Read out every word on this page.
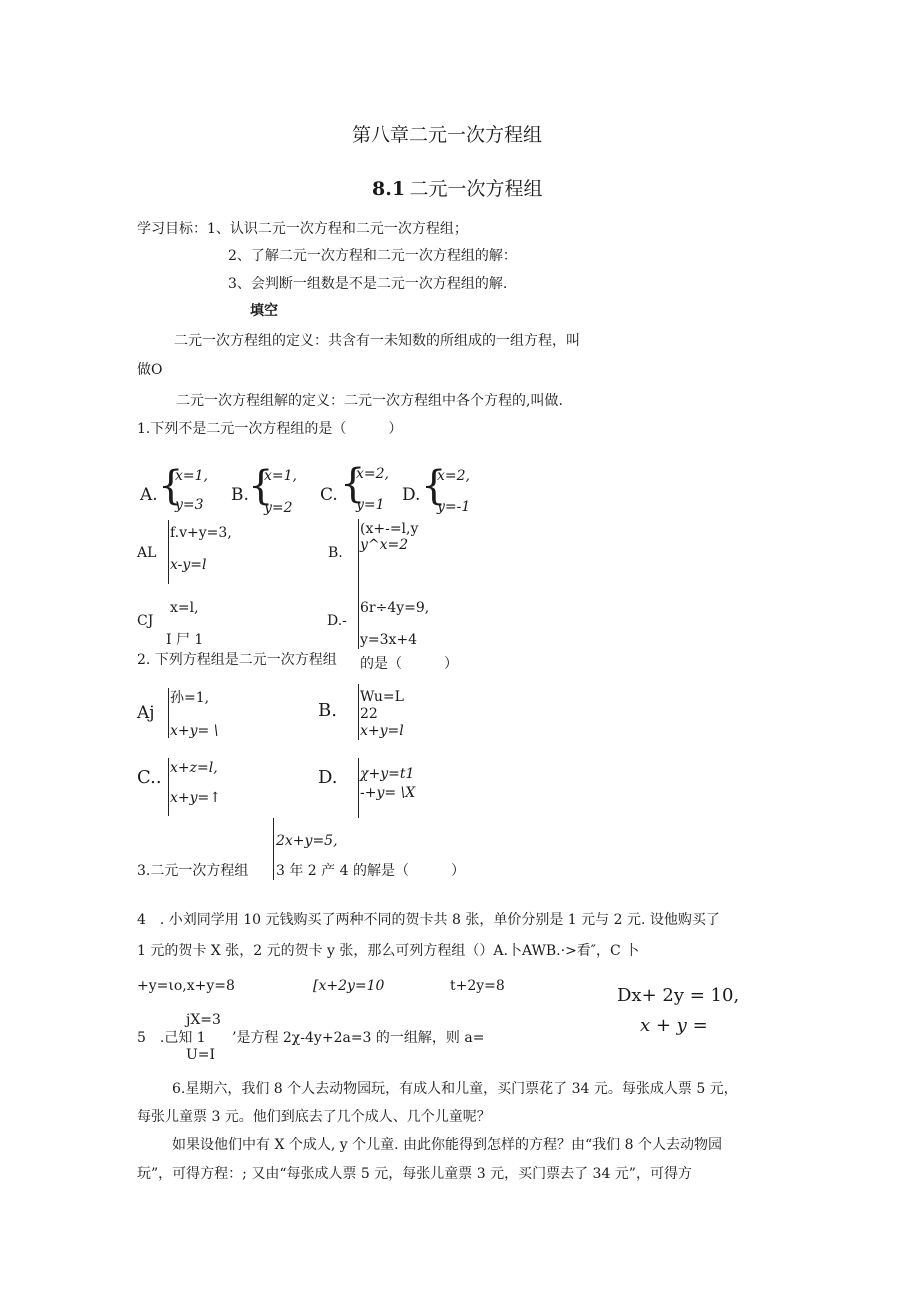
第八章二元一次方程组
8.1 二元一次方程组
学习目标：1、认识二元一次方程和二元一次方程组；
2、了解二元一次方程和二元一次方程组的解：
3、会判断一组数是不是二元一次方程组的解.
填空
二元一次方程组的定义：共含有一未知数的所组成的一组方程，叫
做O
二元一次方程组解的定义：二元一次方程组中各个方程的,叫做.
1.下列不是二元一次方程组的是（　　　）
A. {
x=1,
y=3 B. {
x=1,
y=2
C. {
x=2,
y=1 D. {
x=2,
y=-1
AL
f.v+y=3,
x-y=l
B.
(x+-=l,y
y^x=2
CJ
x=l,
I 尸 1
D.-
6r÷4y=9,
y=3x+4
2. 下列方程组是二元一次方程组 的是（　　　）
Aj
孙=1,
x+y= \
B.
Wu=L
22
x+y=l
C.. x+z=l,
x+y=↑
D. χ+y=t1
-+y= \X
2x+y=5,
3.二元一次方程组 3 年 2 产 4 的解是（　　　）
4　. 小刘同学用 10 元钱购买了两种不同的贺卡共 8 张，单价分别是 1 元与 2 元. 设他购买了
1 元的贺卡 X 张，2 元的贺卡 y 张，那么可列方程组（）A.卜AWB.·>看″，C 卜
+y=ιo,x+y=8	[x+2y=10	t+2y=8	Dx+ 2y = 10,
x + y =
jX=3
5　.己知 1
U=I
’是方程 2χ-4y+2a=3 的一组解，则 a=
6.星期六，我们 8 个人去动物园玩，有成人和儿童，买门票花了 34 元。每张成人票 5 元，
每张儿童票 3 元。他们到底去了几个成人、几个儿童呢？
如果设他们中有 X 个成人, y 个儿童. 由此你能得到怎样的方程？由“我们 8 个人去动物园
玩”，可得方程：; 又由“每张成人票 5 元，每张儿童票 3 元，买门票去了 34 元”，可得方
